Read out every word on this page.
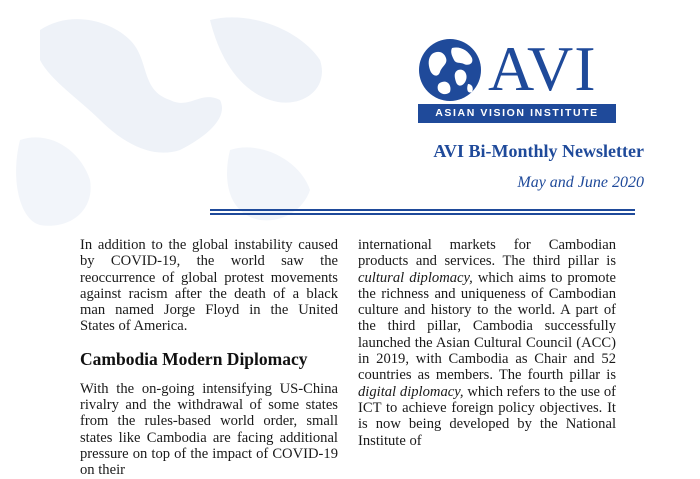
AVI
ASIAN VISION INSTITUTE
AVI Bi-Monthly Newsletter
May and June 2020

In addition to the global instability caused by COVID-19, the world saw the reoccurrence of global protest movements against racism after the death of a black man named Jorge Floyd in the United States of America.

Cambodia Modern Diplomacy

With the on-going intensifying US-China rivalry and the withdrawal of some states from the rules-based world order, small states like Cambodia are facing additional pressure on top of the impact of COVID-19 on their

international markets for Cambodian products and services. The third pillar is cultural diplomacy, which aims to promote the richness and uniqueness of Cambodian culture and history to the world. A part of the third pillar, Cambodia successfully launched the Asian Cultural Council (ACC) in 2019, with Cambodia as Chair and 52 countries as members. The fourth pillar is digital diplomacy, which refers to the use of ICT to achieve foreign policy objectives. It is now being developed by the National Institute of
